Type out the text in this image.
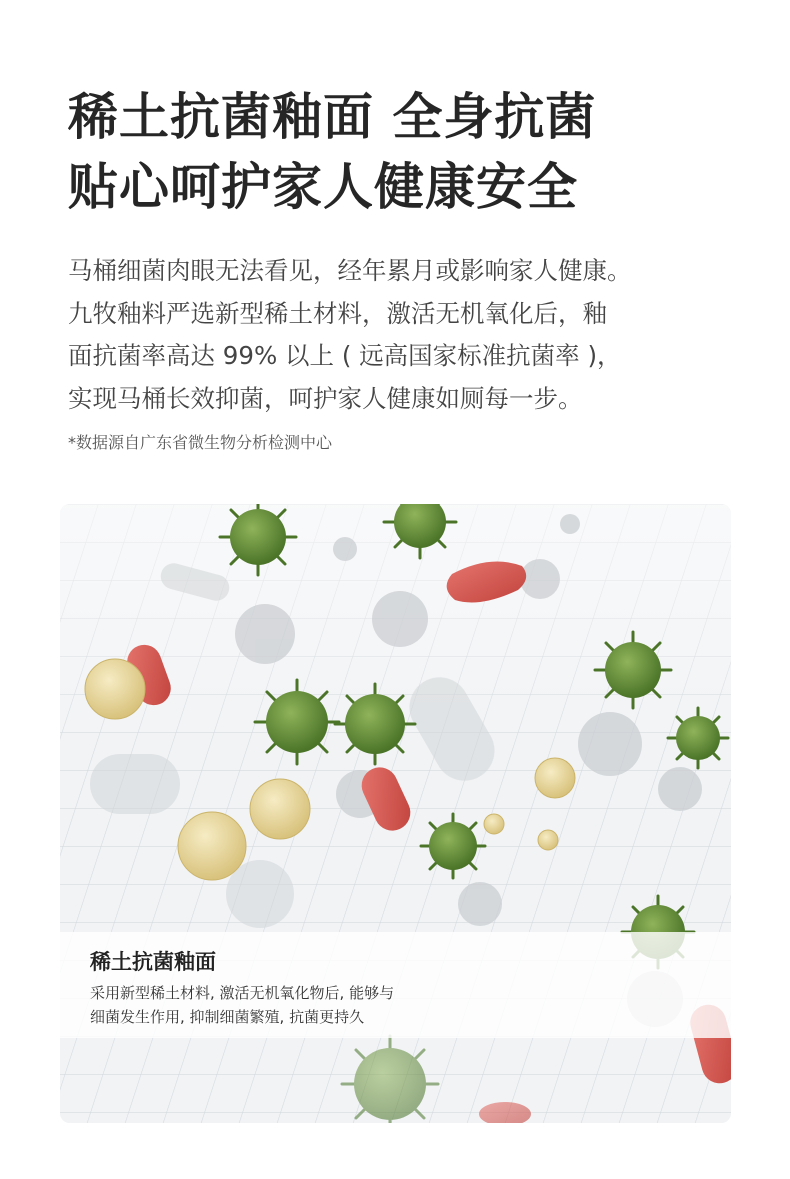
稀土抗菌釉面 全身抗菌
贴心呵护家人健康安全
马桶细菌肉眼无法看见，经年累月或影响家人健康。
九牧釉料严选新型稀土材料，激活无机氧化后，釉
面抗菌率高达 99% 以上 ( 远高国家标准抗菌率 )，
实现马桶长效抑菌，呵护家人健康如厕每一步。
*数据源自广东省微生物分析检测中心
稀土抗菌釉面
采用新型稀土材料, 激活无机氧化物后, 能够与
细菌发生作用, 抑制细菌繁殖, 抗菌更持久
